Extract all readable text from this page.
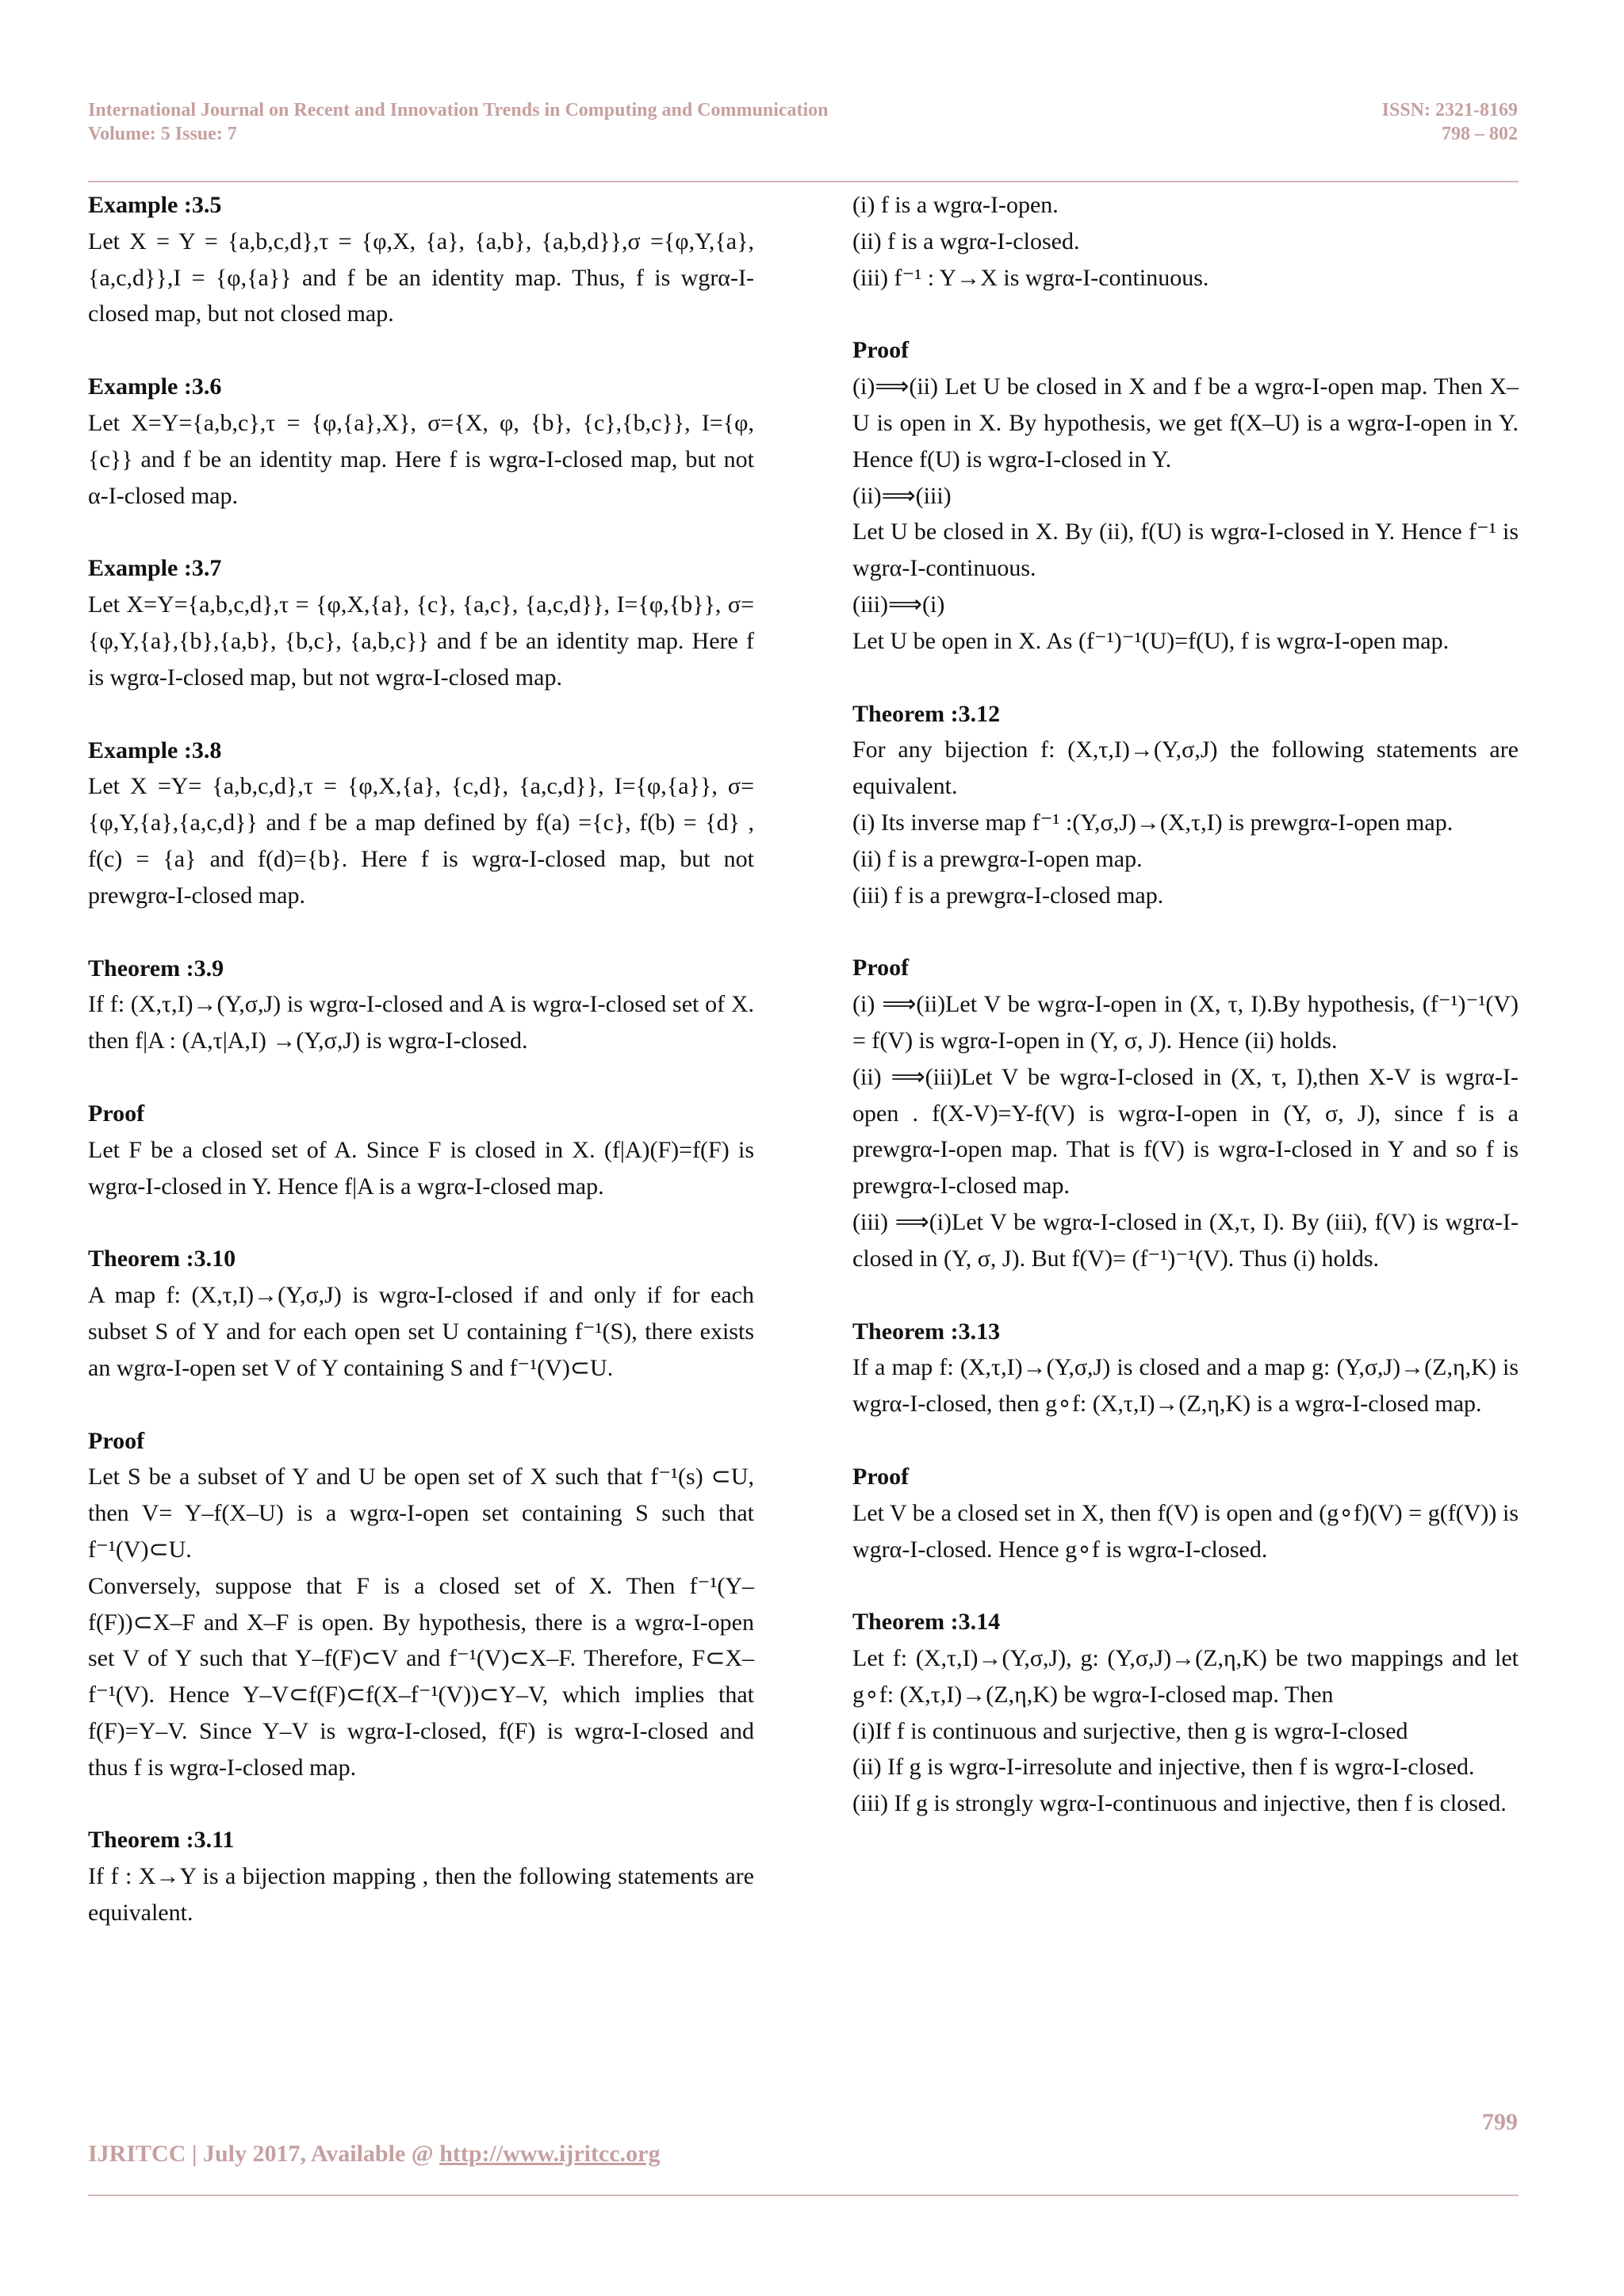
International Journal on Recent and Innovation Trends in Computing and Communication
Volume: 5 Issue: 7
ISSN: 2321-8169
798 – 802
Example :3.5
Let X = Y = {a,b,c,d},τ = {φ,X, {a}, {a,b}, {a,b,d}},σ ={φ,Y,{a},{a,c,d}},I = {φ,{a}} and f be an identity map. Thus, f is wgrα-I-closed map, but not closed map.
Example :3.6
Let X=Y={a,b,c},τ = {φ,{a},X}, σ={X, φ, {b}, {c},{b,c}}, I={φ,{c}} and f be an identity map. Here f is wgrα-I-closed map, but not α-I-closed map.
Example :3.7
Let X=Y={a,b,c,d},τ = {φ,X,{a}, {c}, {a,c}, {a,c,d}}, I={φ,{b}}, σ={φ,Y,{a},{b},{a,b}, {b,c}, {a,b,c}} and f be an identity map. Here f is wgrα-I-closed map, but not wgrα-I-closed map.
Example :3.8
Let X =Y= {a,b,c,d},τ = {φ,X,{a}, {c,d}, {a,c,d}}, I={φ,{a}}, σ={φ,Y,{a},{a,c,d}} and f be a map defined by f(a) ={c}, f(b) = {d} , f(c) = {a} and f(d)={b}. Here f is wgrα-I-closed map, but not prewgrα-I-closed map.
Theorem :3.9
If f: (X,τ,I)→(Y,σ,J) is wgrα-I-closed and A is wgrα-I-closed set of X. then f|A : (A,τ|A,I) →(Y,σ,J) is wgrα-I-closed.
Proof
Let F be a closed set of A. Since F is closed in X. (f|A)(F)=f(F) is wgrα-I-closed in Y. Hence f|A is a wgrα-I-closed map.
Theorem :3.10
A map f: (X,τ,I)→(Y,σ,J) is wgrα-I-closed if and only if for each subset S of Y and for each open set U containing f⁻¹(S), there exists an wgrα-I-open set V of Y containing S and f⁻¹(V)⊂U.
Proof
Let S be a subset of Y and U be open set of X such that f⁻¹(s) ⊂U, then V= Y–f(X–U) is a wgrα-I-open set containing S such that f⁻¹(V)⊂U.
Conversely, suppose that F is a closed set of X. Then f⁻¹(Y–f(F))⊂X–F and X–F is open. By hypothesis, there is a wgrα-I-open set V of Y such that Y–f(F)⊂V and f⁻¹(V)⊂X–F. Therefore, F⊂X–f⁻¹(V). Hence Y–V⊂f(F)⊂f(X–f⁻¹(V))⊂Y–V, which implies that f(F)=Y–V. Since Y–V is wgrα-I-closed, f(F) is wgrα-I-closed and thus f is wgrα-I-closed map.
Theorem :3.11
If f : X→Y is a bijection mapping , then the following statements are equivalent.
(i) f is a wgrα-I-open.
(ii) f is a wgrα-I-closed.
(iii) f⁻¹ : Y→X is wgrα-I-continuous.
Proof
(i)⟹(ii) Let U be closed in X and f be a wgrα-I-open map. Then X–U is open in X. By hypothesis, we get f(X–U) is a wgrα-I-open in Y. Hence f(U) is wgrα-I-closed in Y.
(ii)⟹(iii)
Let U be closed in X. By (ii), f(U) is wgrα-I-closed in Y. Hence f⁻¹ is wgrα-I-continuous.
(iii)⟹(i)
Let U be open in X. As (f⁻¹)⁻¹(U)=f(U), f is wgrα-I-open map.
Theorem :3.12
For any bijection f: (X,τ,I)→(Y,σ,J) the following statements are equivalent.
(i) Its inverse map f⁻¹ :(Y,σ,J)→(X,τ,I) is prewgrα-I-open map.
(ii) f is a prewgrα-I-open map.
(iii) f is a prewgrα-I-closed map.
Proof
(i) ⟹(ii)Let V be wgrα-I-open in (X, τ, I).By hypothesis, (f⁻¹)⁻¹(V) = f(V) is wgrα-I-open in (Y, σ, J). Hence (ii) holds.
(ii) ⟹(iii)Let V be wgrα-I-closed in (X, τ, I),then X-V is wgrα-I-open . f(X-V)=Y-f(V) is wgrα-I-open in (Y, σ, J), since f is a prewgrα-I-open map. That is f(V) is wgrα-I-closed in Y and so f is prewgrα-I-closed map.
(iii) ⟹(i)Let V be wgrα-I-closed in (X,τ, I). By (iii), f(V) is wgrα-I-closed in (Y, σ, J). But f(V)= (f⁻¹)⁻¹(V). Thus (i) holds.
Theorem :3.13
If a map f: (X,τ,I)→(Y,σ,J) is closed and a map g: (Y,σ,J)→(Z,η,K) is wgrα-I-closed, then g∘f: (X,τ,I)→(Z,η,K) is a wgrα-I-closed map.
Proof
Let V be a closed set in X, then f(V) is open and (g∘f)(V) = g(f(V)) is wgrα-I-closed. Hence g∘f is wgrα-I-closed.
Theorem :3.14
Let f: (X,τ,I)→(Y,σ,J), g: (Y,σ,J)→(Z,η,K) be two mappings and let g∘f: (X,τ,I)→(Z,η,K) be wgrα-I-closed map. Then
(i)If f is continuous and surjective, then g is wgrα-I-closed
(ii) If g is wgrα-I-irresolute and injective, then f is wgrα-I-closed.
(iii) If g is strongly wgrα-I-continuous and injective, then f is closed.
799
IJRITCC | July 2017, Available @ http://www.ijritcc.org
